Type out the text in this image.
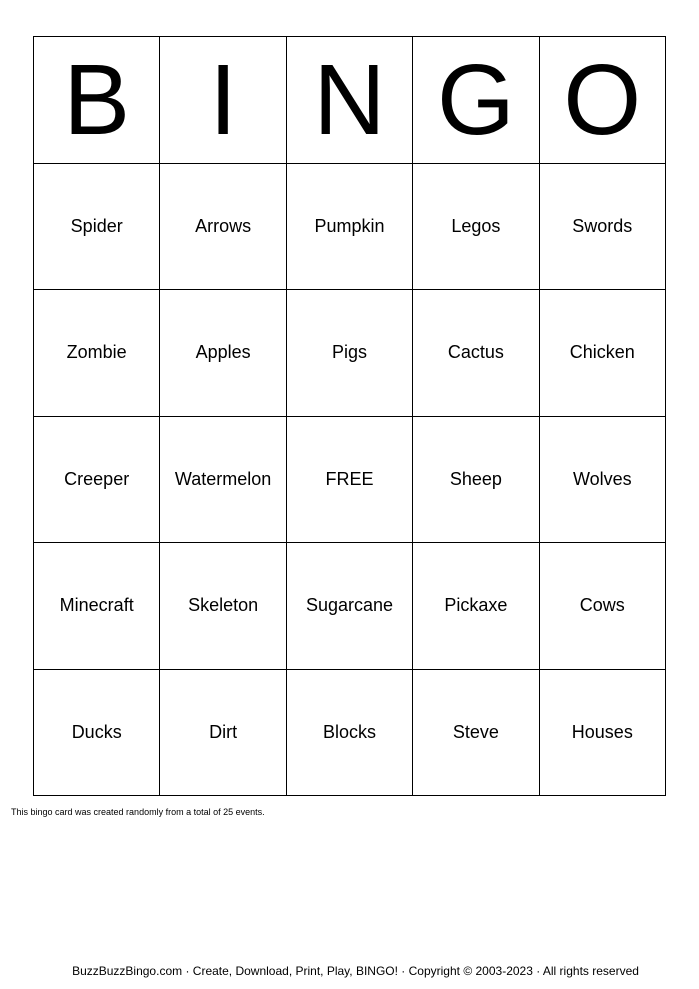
B I N G O
Spider	Arrows	Pumpkin	Legos	Swords
Zombie	Apples	Pigs	Cactus	Chicken
Creeper	Watermelon	FREE	Sheep	Wolves
Minecraft	Skeleton	Sugarcane	Pickaxe	Cows
Ducks	Dirt	Blocks	Steve	Houses
This bingo card was created randomly from a total of 25 events.
BuzzBuzzBingo.com · Create, Download, Print, Play, BINGO! · Copyright © 2003-2023 · All rights reserved
